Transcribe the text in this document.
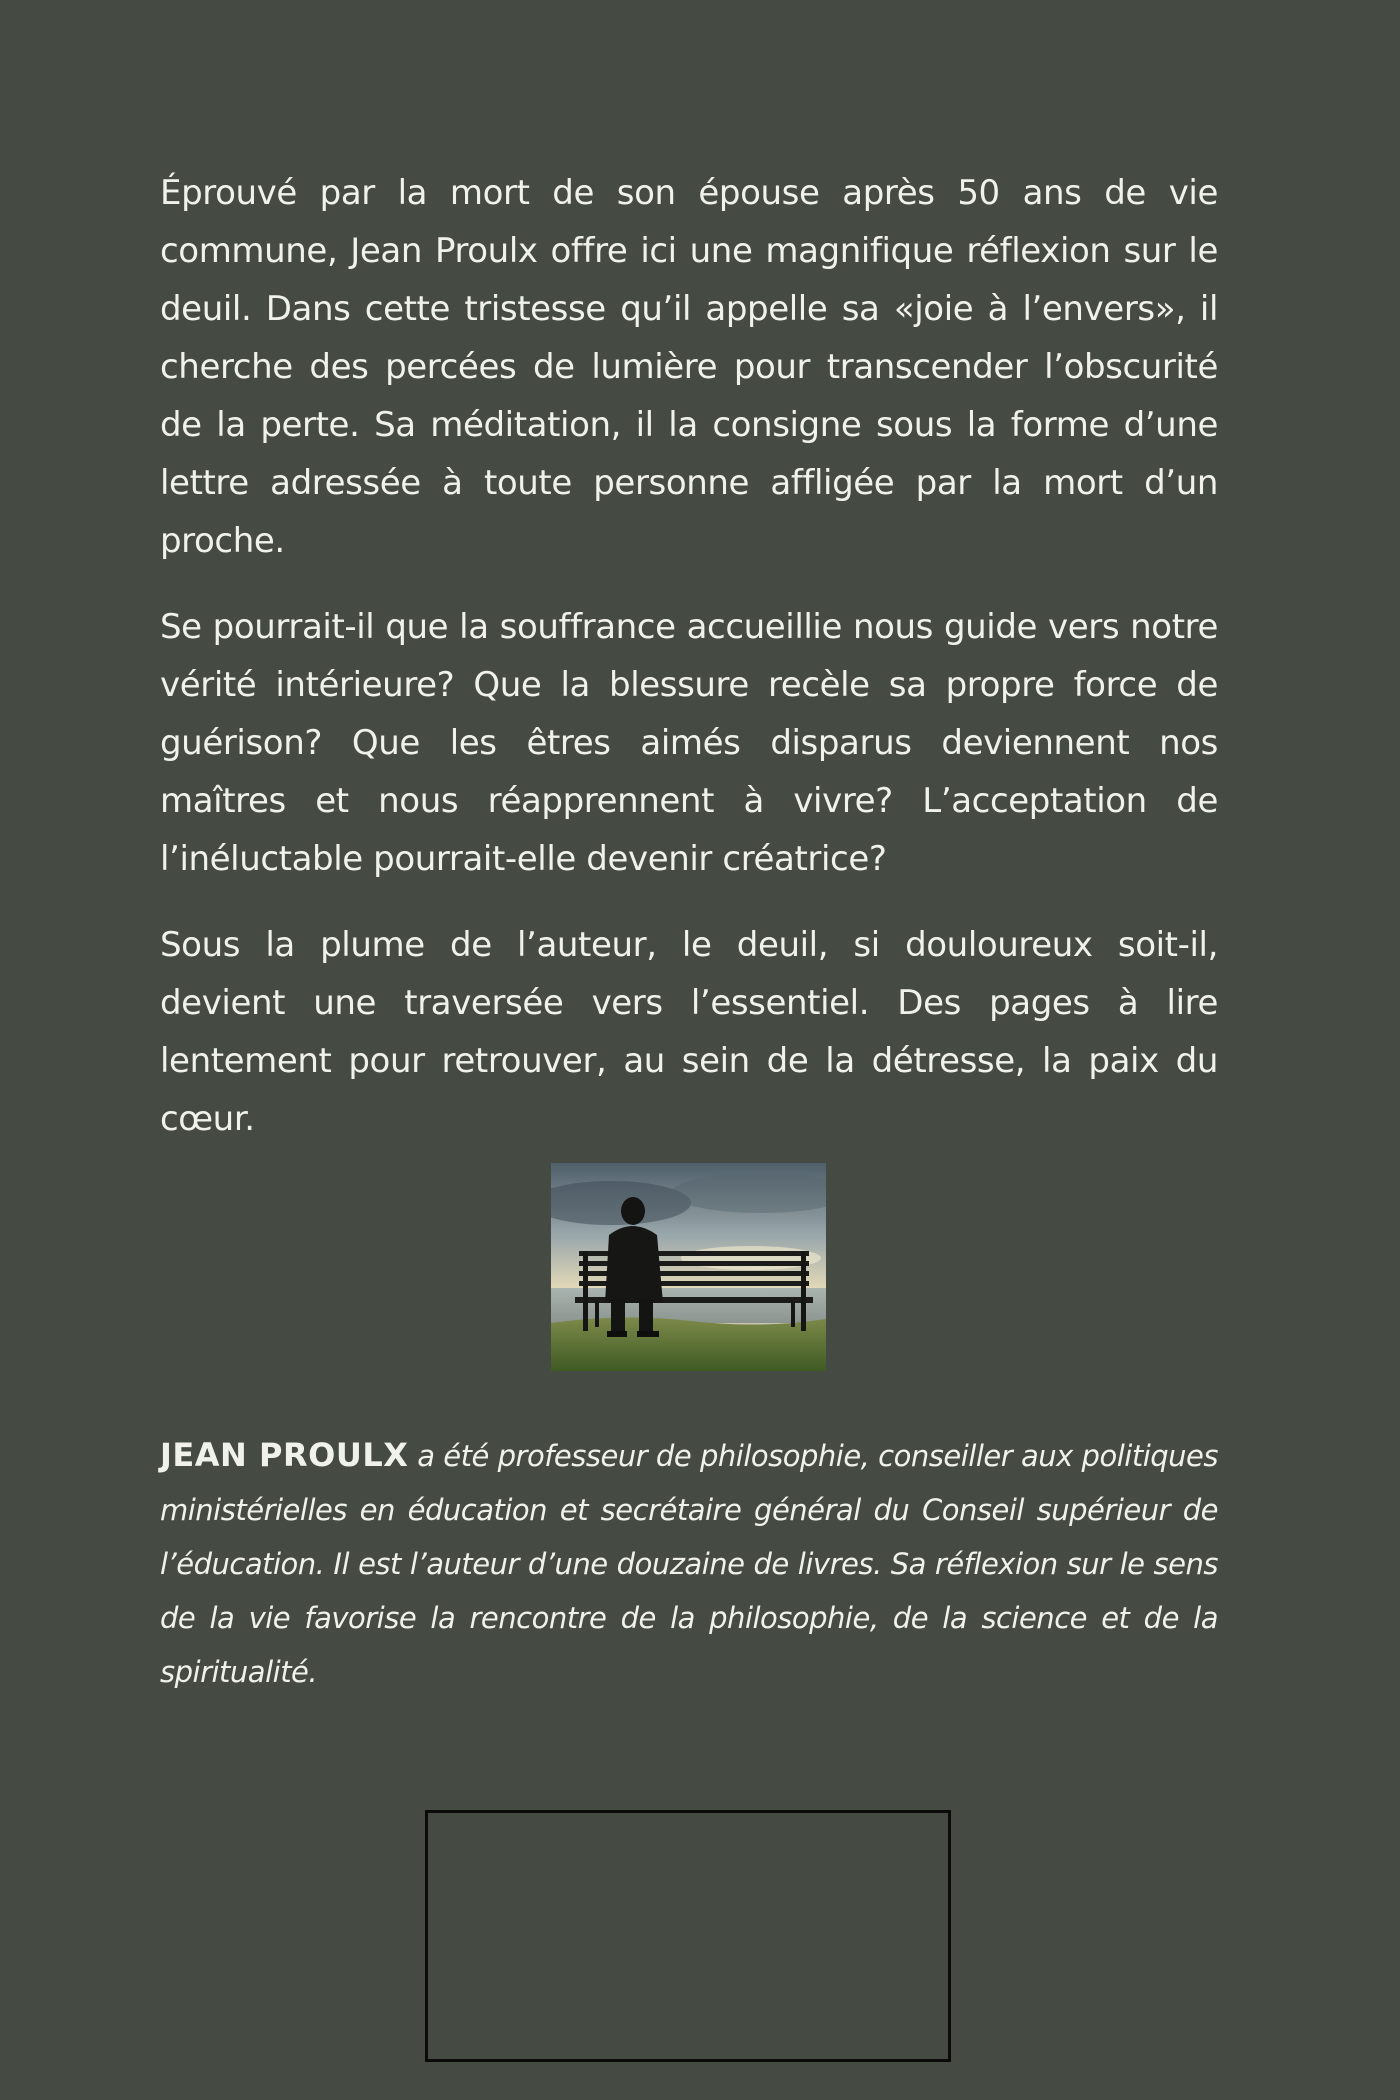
Éprouvé par la mort de son épouse après 50 ans de vie commune, Jean Proulx offre ici une magnifique réflexion sur le deuil. Dans cette tristesse qu’il appelle sa «joie à l’envers», il cherche des percées de lumière pour transcender l’obscurité de la perte. Sa méditation, il la consigne sous la forme d’une lettre adressée à toute personne affligée par la mort d’un proche.

Se pourrait-il que la souffrance accueillie nous guide vers notre vérité intérieure? Que la blessure recèle sa propre force de guérison? Que les êtres aimés disparus deviennent nos maîtres et nous réapprennent à vivre? L’acceptation de l’inéluctable pourrait-elle devenir créatrice?

Sous la plume de l’auteur, le deuil, si douloureux soit-il, devient une traversée vers l’essentiel. Des pages à lire lentement pour retrouver, au sein de la détresse, la paix du cœur.

JEAN PROULX a été professeur de philosophie, conseiller aux politiques ministérielles en éducation et secrétaire général du Conseil supérieur de l’éducation. Il est l’auteur d’une douzaine de livres. Sa réflexion sur le sens de la vie favorise la rencontre de la philosophie, de la science et de la spiritualité.
